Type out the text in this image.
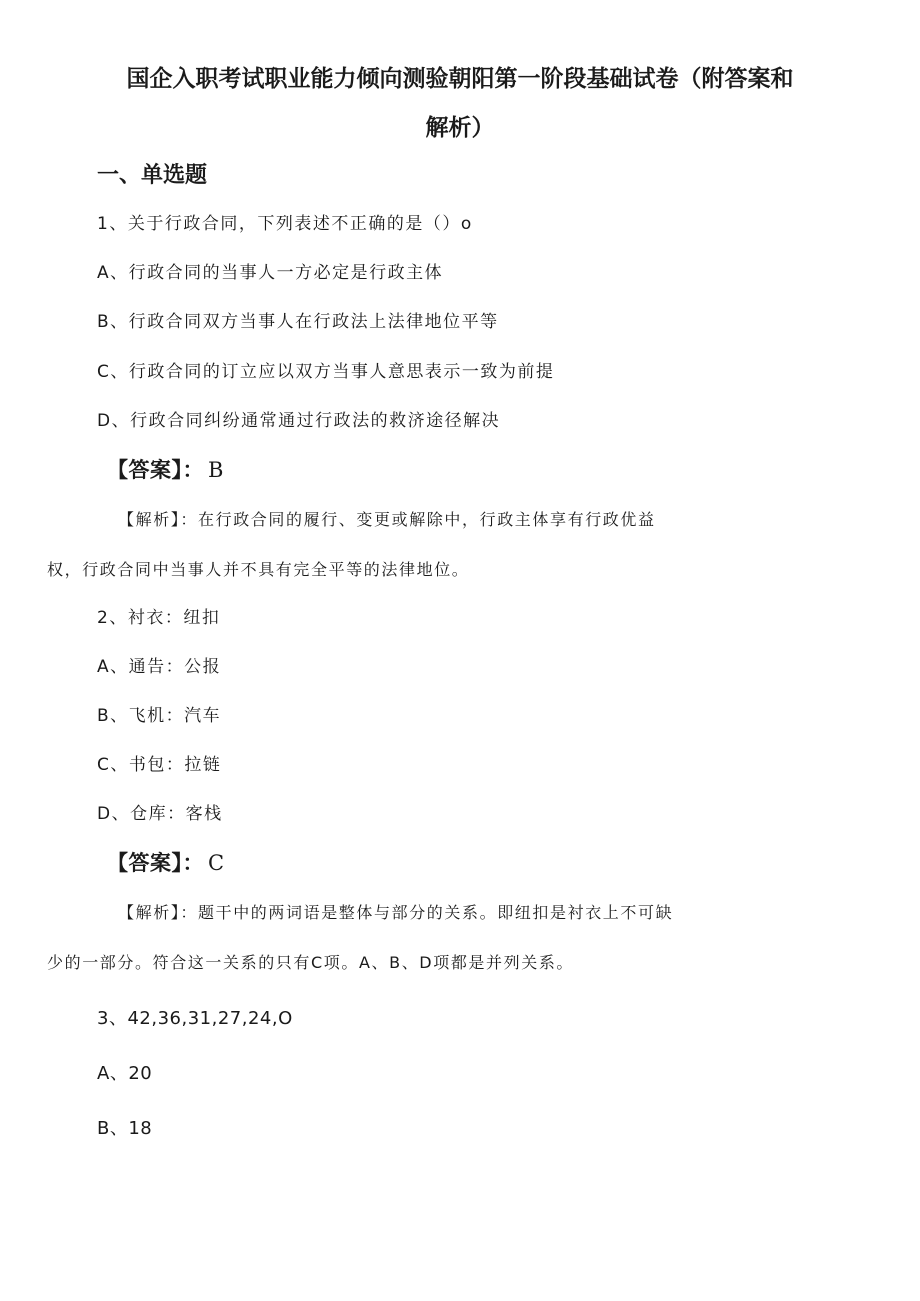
国企入职考试职业能力倾向测验朝阳第一阶段基础试卷（附答案和
解析）
一、单选题
1、关于行政合同，下列表述不正确的是（）o
A、行政合同的当事人一方必定是行政主体
B、行政合同双方当事人在行政法上法律地位平等
C、行政合同的订立应以双方当事人意思表示一致为前提
D、行政合同纠纷通常通过行政法的救济途径解决
【答案】： B
【解析】：在行政合同的履行、变更或解除中，行政主体享有行政优益
权，行政合同中当事人并不具有完全平等的法律地位。
2、衬衣：纽扣
A、通告：公报
B、飞机：汽车
C、书包：拉链
D、仓库：客栈
【答案】： C
【解析】：题干中的两词语是整体与部分的关系。即纽扣是衬衣上不可缺
少的一部分。符合这一关系的只有C项。A、B、D项都是并列关系。
3、42,36,31,27,24,O
A、20
B、18
